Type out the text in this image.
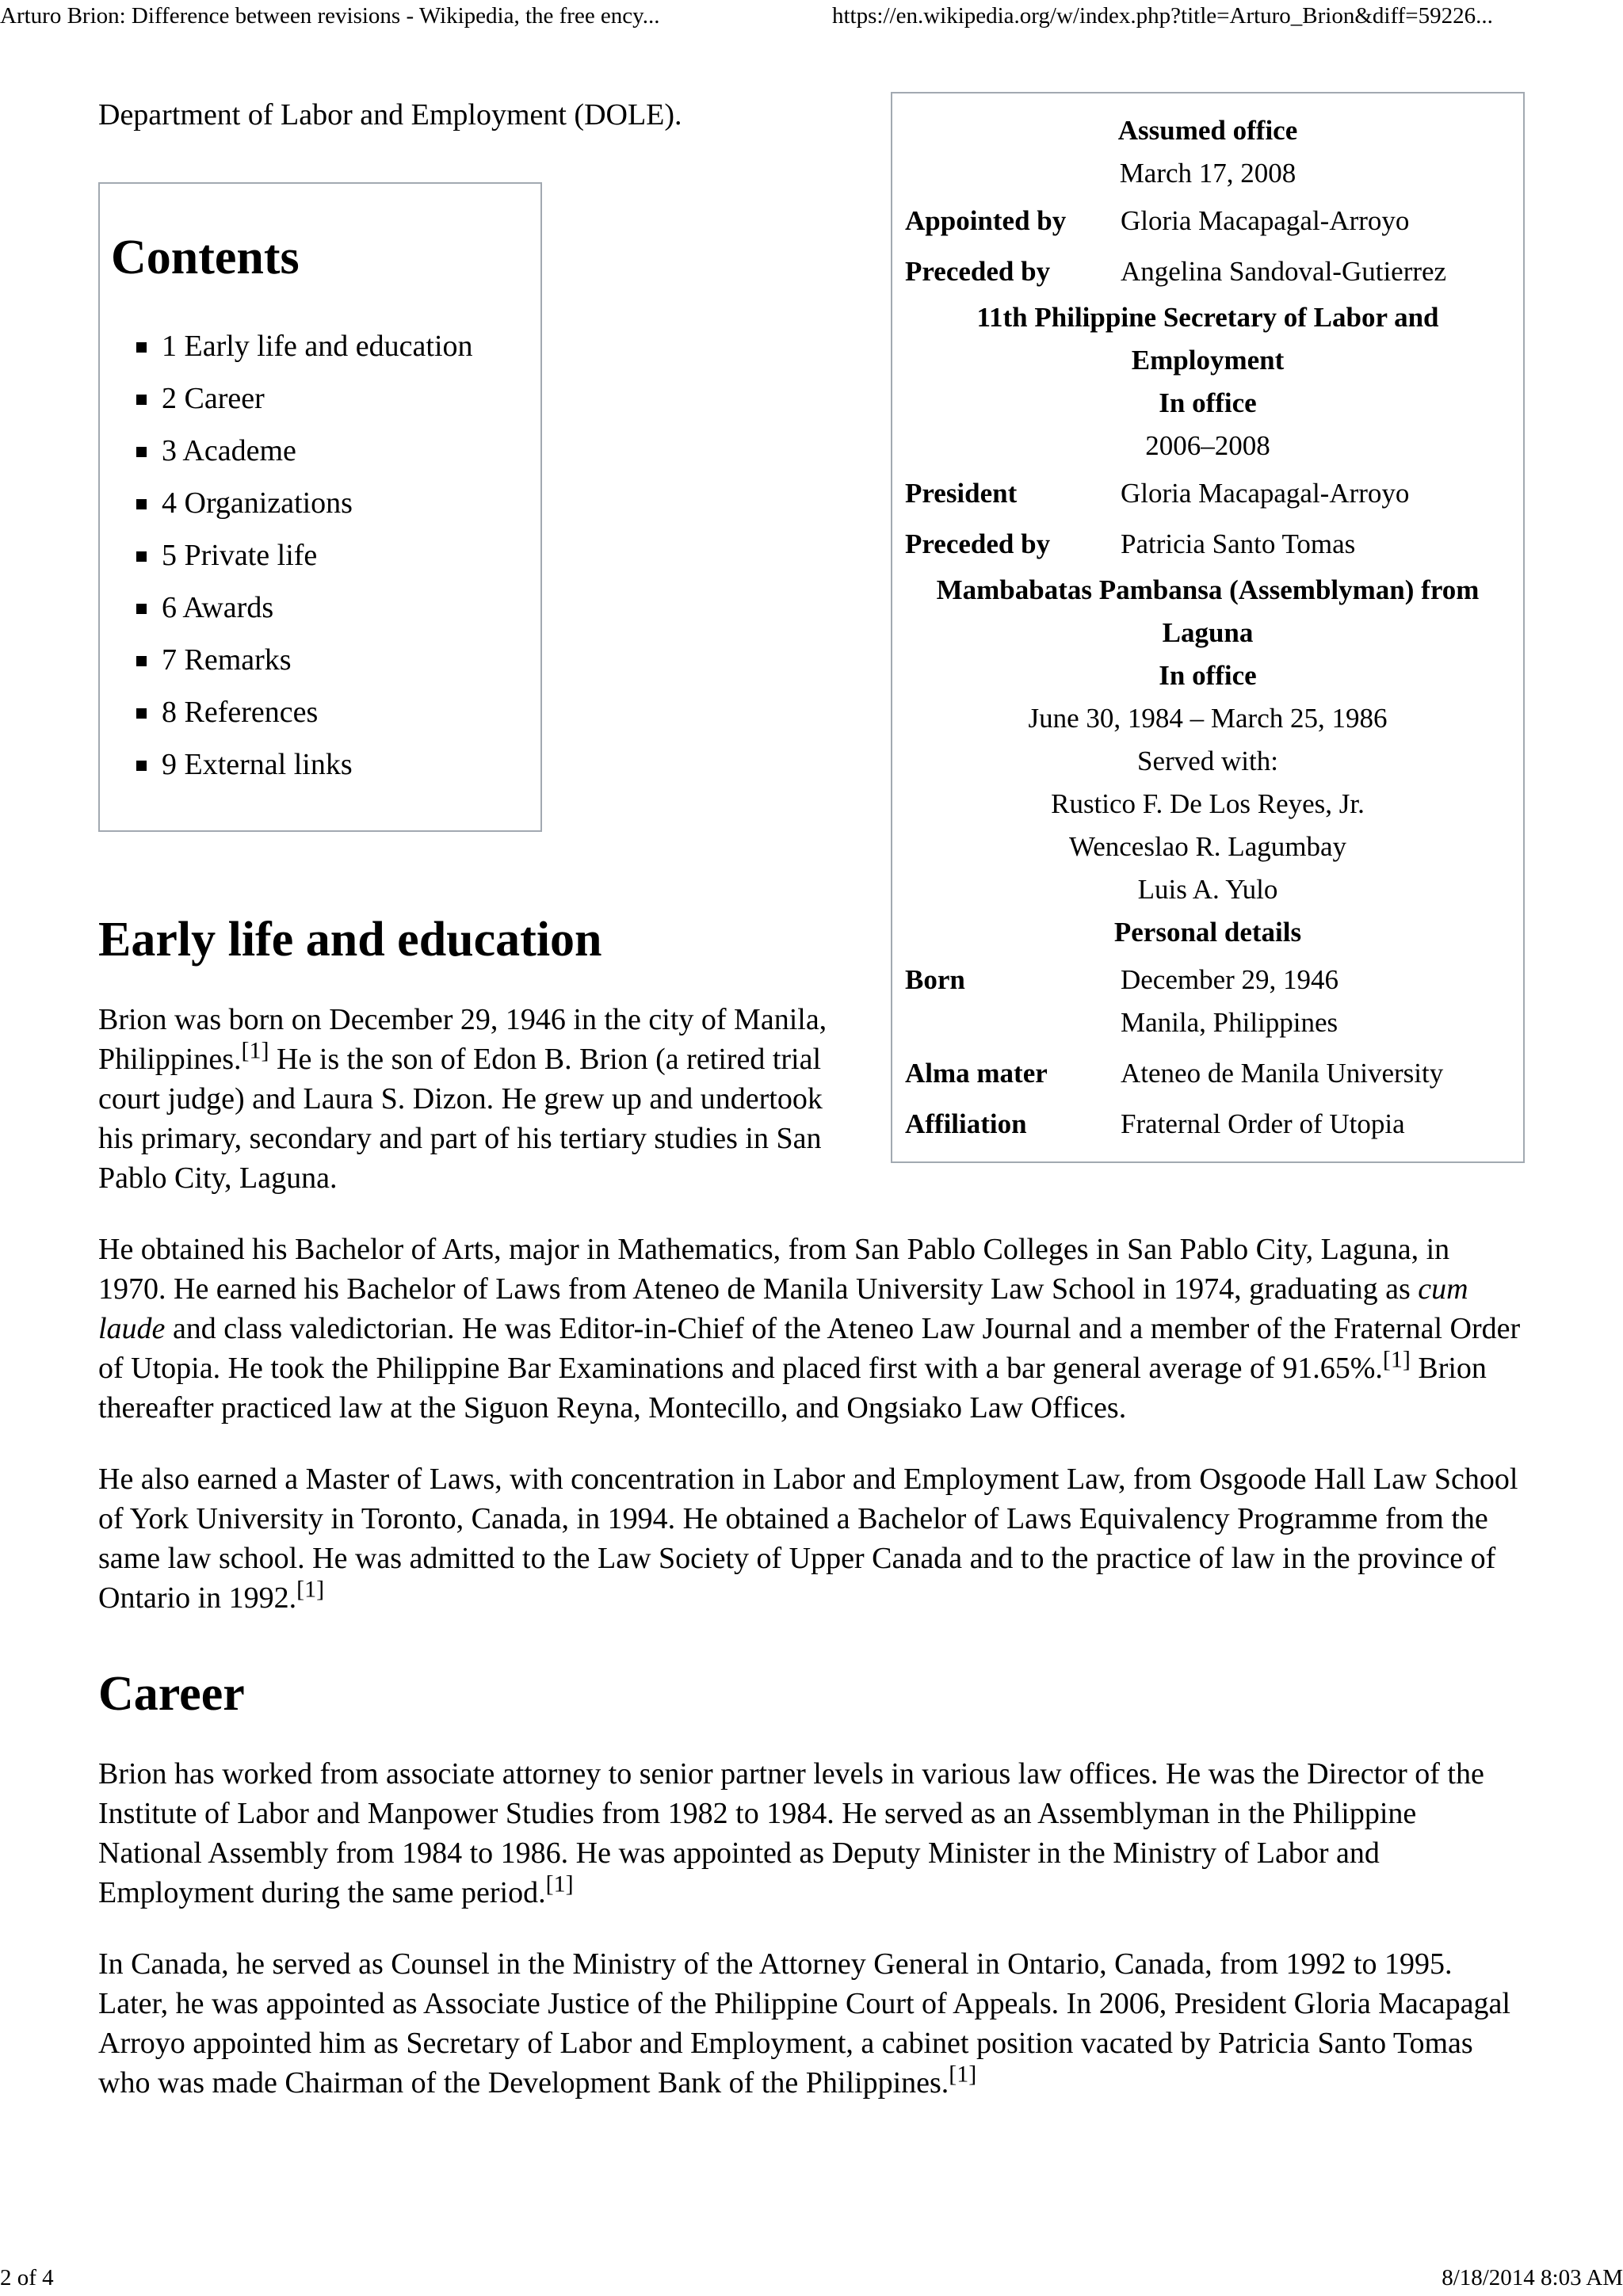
Arturo Brion: Difference between revisions - Wikipedia, the free ency...	https://en.wikipedia.org/w/index.php?title=Arturo_Brion&diff=59226...
Assumed office	
March 17, 2008	
Appointed by	Gloria Macapagal-Arroyo
Preceded by	Angelina Sandoval-Gutierrez
11th Philippine Secretary of Labor and Employment	
In office	
2006–2008	
President	Gloria Macapagal-Arroyo
Preceded by	Patricia Santo Tomas
Mambabatas Pambansa (Assemblyman) from Laguna	
In office	
June 30, 1984 – March 25, 1986	
Served with:	
Rustico F. De Los Reyes, Jr.	
Wenceslao R. Lagumbay	
Luis A. Yulo	
Personal details	
Born	December 29, 1946
Manila, Philippines

Alma mater	Ateneo de Manila University
Affiliation	Fraternal Order of Utopia

Department of Labor and Employment (DOLE).

Contents
1 Early life and education
2 Career
3 Academe
4 Organizations
5 Private life
6 Awards
7 Remarks
8 References
9 External links
Early life and education

Brion was born on December 29, 1946 in the city of Manila, Philippines.[1] He is the son of Edon B. Brion (a retired trial court judge) and Laura S. Dizon. He grew up and undertook his primary, secondary and part of his tertiary studies in San Pablo City, Laguna.

He obtained his Bachelor of Arts, major in Mathematics, from San Pablo Colleges in San Pablo City, Laguna, in 1970. He earned his Bachelor of Laws from Ateneo de Manila University Law School in 1974, graduating as cum laude and class valedictorian. He was Editor-in-Chief of the Ateneo Law Journal and a member of the Fraternal Order of Utopia. He took the Philippine Bar Examinations and placed first with a bar general average of 91.65%.[1] Brion thereafter practiced law at the Siguon Reyna, Montecillo, and Ongsiako Law Offices.

He also earned a Master of Laws, with concentration in Labor and Employment Law, from Osgoode Hall Law School of York University in Toronto, Canada, in 1994. He obtained a Bachelor of Laws Equivalency Programme from the same law school. He was admitted to the Law Society of Upper Canada and to the practice of law in the province of Ontario in 1992.[1]

Career

Brion has worked from associate attorney to senior partner levels in various law offices. He was the Director of the Institute of Labor and Manpower Studies from 1982 to 1984. He served as an Assemblyman in the Philippine National Assembly from 1984 to 1986. He was appointed as Deputy Minister in the Ministry of Labor and Employment during the same period.[1]

In Canada, he served as Counsel in the Ministry of the Attorney General in Ontario, Canada, from 1992 to 1995. Later, he was appointed as Associate Justice of the Philippine Court of Appeals. In 2006, President Gloria Macapagal Arroyo appointed him as Secretary of Labor and Employment, a cabinet position vacated by Patricia Santo Tomas who was made Chairman of the Development Bank of the Philippines.[1]

2 of 4	8/18/2014 8:03 AM
